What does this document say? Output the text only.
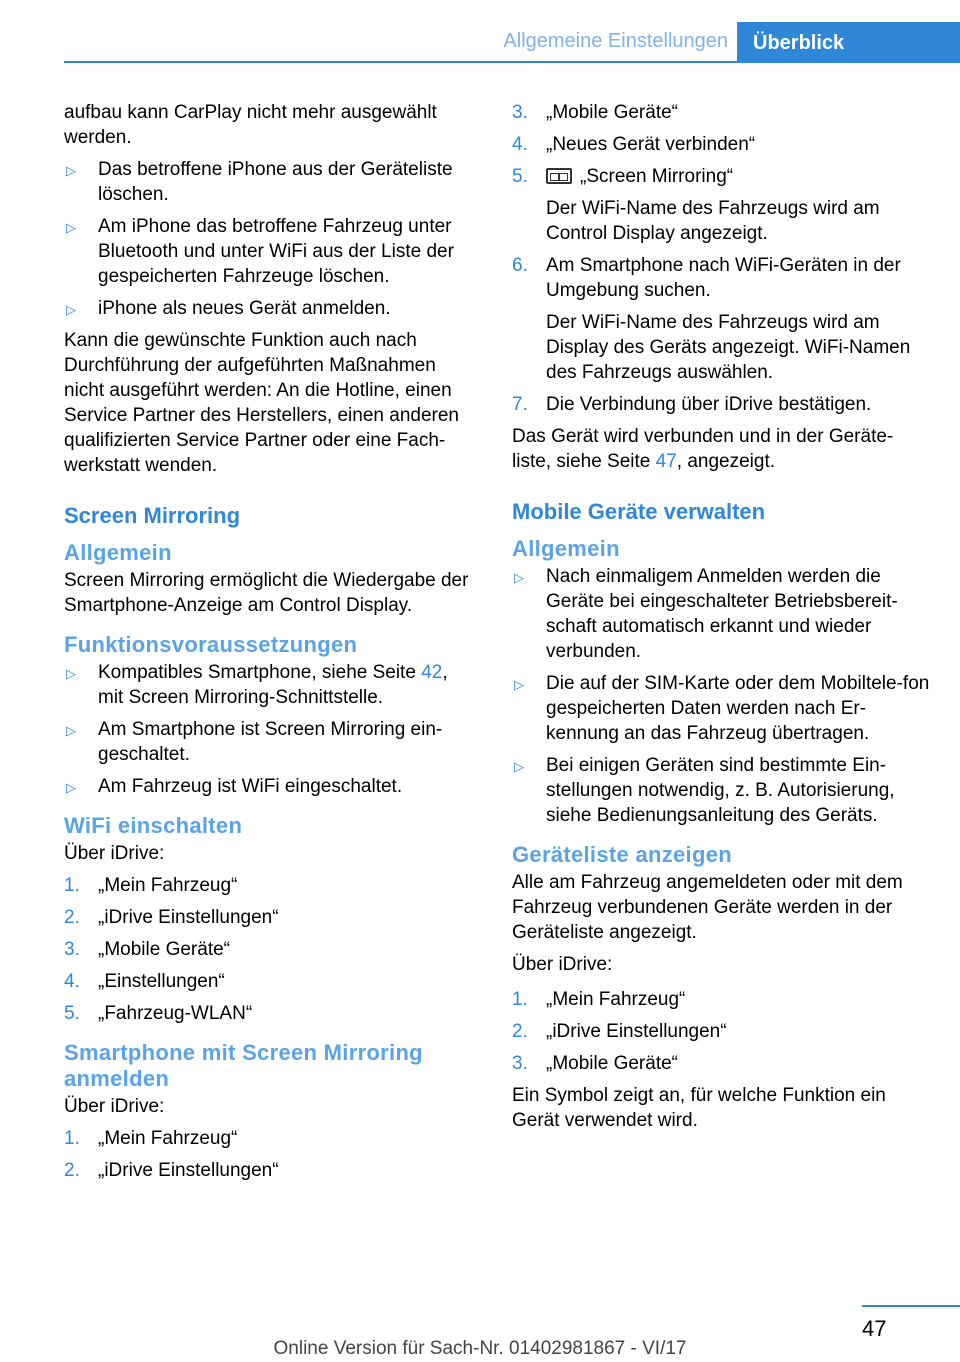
Allgemeine Einstellungen	Überblick

aufbau kann CarPlay nicht mehr ausgewählt werden.

▷ Das betroffene iPhone aus der Geräteliste löschen.
▷ Am iPhone das betroffene Fahrzeug unter Bluetooth und unter WiFi aus der Liste der gespeicherten Fahrzeuge löschen.
▷ iPhone als neues Gerät anmelden.

Kann die gewünschte Funktion auch nach Durchführung der aufgeführten Maßnahmen nicht ausgeführt werden: An die Hotline, einen Service Partner des Herstellers, einen anderen qualifizierten Service Partner oder eine Fach-werkstatt wenden.

Screen Mirroring
Allgemein

Screen Mirroring ermöglicht die Wiedergabe der Smartphone-Anzeige am Control Display.

Funktionsvoraussetzungen
▷ Kompatibles Smartphone, siehe Seite 42, mit Screen Mirroring-Schnittstelle.
▷ Am Smartphone ist Screen Mirroring ein-geschaltet.
▷ Am Fahrzeug ist WiFi eingeschaltet.
WiFi einschalten

Über iDrive:

1. „Mein Fahrzeug“
2. „iDrive Einstellungen“
3. „Mobile Geräte“
4. „Einstellungen“
5. „Fahrzeug-WLAN“
Smartphone mit Screen Mirroring anmelden

Über iDrive:

1. „Mein Fahrzeug“
2. „iDrive Einstellungen“
3. „Mobile Geräte“
4. „Neues Gerät verbinden“
5.	„Screen Mirroring“
Der WiFi-Name des Fahrzeugs wird am Control Display angezeigt.
6. Am Smartphone nach WiFi-Geräten in der Umgebung suchen.
Der WiFi-Name des Fahrzeugs wird am Display des Geräts angezeigt. WiFi-Namen des Fahrzeugs auswählen.
7. Die Verbindung über iDrive bestätigen.

Das Gerät wird verbunden und in der Geräte-liste, siehe Seite 47, angezeigt.

Mobile Geräte verwalten
Allgemein
▷ Nach einmaligem Anmelden werden die Geräte bei eingeschalteter Betriebsbereit-schaft automatisch erkannt und wieder verbunden.
▷ Die auf der SIM-Karte oder dem Mobiltele-fon gespeicherten Daten werden nach Er-kennung an das Fahrzeug übertragen.
▷ Bei einigen Geräten sind bestimmte Ein-stellungen notwendig, z. B. Autorisierung, siehe Bedienungsanleitung des Geräts.
Geräteliste anzeigen

Alle am Fahrzeug angemeldeten oder mit dem Fahrzeug verbundenen Geräte werden in der Geräteliste angezeigt.

Über iDrive:

1. „Mein Fahrzeug“
2. „iDrive Einstellungen“
3. „Mobile Geräte“

Ein Symbol zeigt an, für welche Funktion ein Gerät verwendet wird.

47
Online Version für Sach-Nr. 01402981867 - VI/17
